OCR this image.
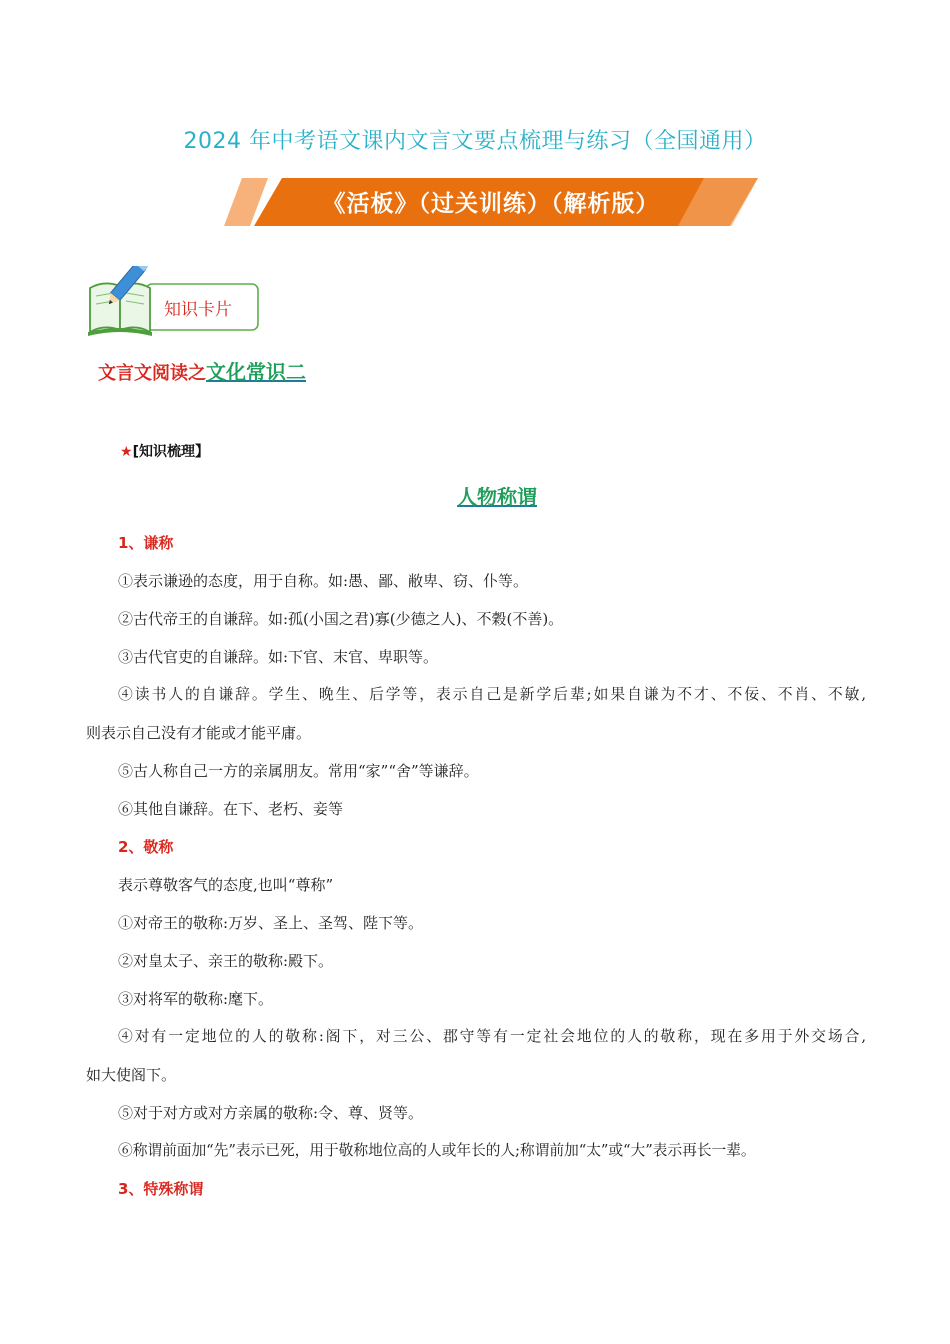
2024 年中考语文课内文言文要点梳理与练习（全国通用）
《活板》（过关训练）（解析版）
知识卡片
文言文阅读之文化常识二
★[知识梳理】
人物称谓
1、谦称
①表示谦逊的态度，用于自称。如:愚、鄙、敝卑、窃、仆等。
②古代帝王的自谦辞。如:孤(小国之君)寡(少德之人)、不穀(不善)。
③古代官吏的自谦辞。如:下官、末官、卑职等。
④读书人的自谦辞。学生、晚生、后学等，表示自己是新学后辈;如果自谦为不才、不佞、不肖、不敏,
则表示自己没有才能或才能平庸。
⑤古人称自己一方的亲属朋友。常用“家”“舍”等谦辞。
⑥其他自谦辞。在下、老朽、妾等
2、敬称
表示尊敬客气的态度,也叫“尊称”
①对帝王的敬称:万岁、圣上、圣驾、陛下等。
②对皇太子、亲王的敬称:殿下。
③对将军的敬称:麾下。
④对有一定地位的人的敬称:阁下，对三公、郡守等有一定社会地位的人的敬称，现在多用于外交场合,
如大使阁下。
⑤对于对方或对方亲属的敬称:令、尊、贤等。
⑥称谓前面加“先”表示已死，用于敬称地位高的人或年长的人;称谓前加“太”或“大”表示再长一辈。
3、特殊称谓
